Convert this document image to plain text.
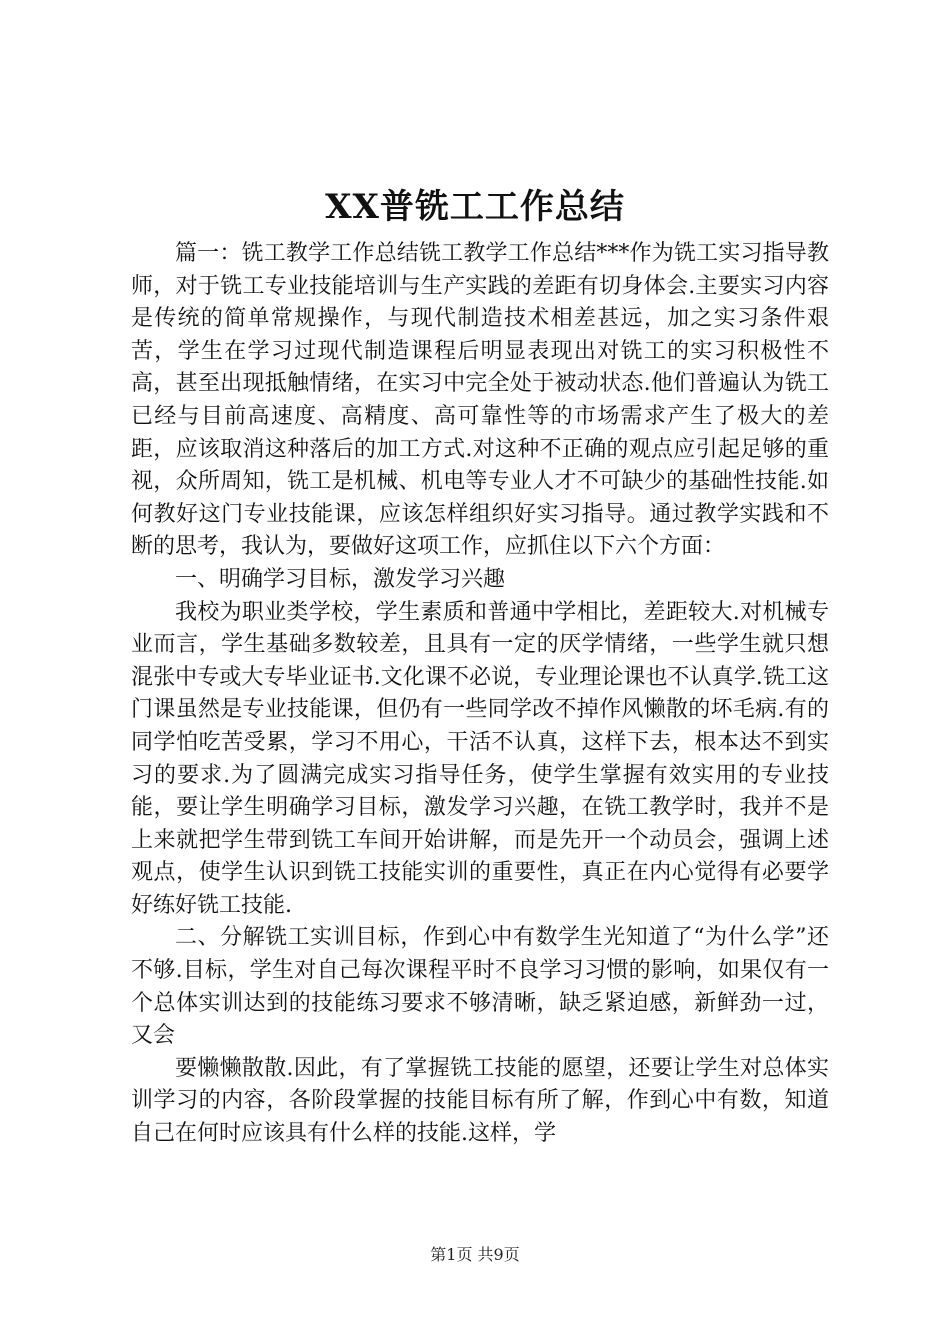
XX普铣工工作总结

篇一：铣工教学工作总结铣工教学工作总结***作为铣工实习指导教师，对于铣工专业技能培训与生产实践的差距有切身体会.主要实习内容是传统的简单常规操作，与现代制造技术相差甚远，加之实习条件艰苦，学生在学习过现代制造课程后明显表现出对铣工的实习积极性不高，甚至出现抵触情绪，在实习中完全处于被动状态.他们普遍认为铣工已经与目前高速度、高精度、高可靠性等的市场需求产生了极大的差距，应该取消这种落后的加工方式.对这种不正确的观点应引起足够的重视，众所周知，铣工是机械、机电等专业人才不可缺少的基础性技能.如何教好这门专业技能课，应该怎样组织好实习指导。通过教学实践和不断的思考，我认为，要做好这项工作，应抓住以下六个方面：

一、明确学习目标，激发学习兴趣

我校为职业类学校，学生素质和普通中学相比，差距较大.对机械专业而言，学生基础多数较差，且具有一定的厌学情绪，一些学生就只想混张中专或大专毕业证书.文化课不必说，专业理论课也不认真学.铣工这门课虽然是专业技能课，但仍有一些同学改不掉作风懒散的坏毛病.有的同学怕吃苦受累，学习不用心，干活不认真，这样下去，根本达不到实习的要求.为了圆满完成实习指导任务，使学生掌握有效实用的专业技能，要让学生明确学习目标，激发学习兴趣，在铣工教学时，我并不是上来就把学生带到铣工车间开始讲解，而是先开一个动员会，强调上述观点，使学生认识到铣工技能实训的重要性，真正在内心觉得有必要学好练好铣工技能.

二、分解铣工实训目标，作到心中有数学生光知道了“为什么学”还不够.目标，学生对自己每次课程平时不良学习习惯的影响，如果仅有一个总体实训达到的技能练习要求不够清晰，缺乏紧迫感，新鲜劲一过，又会

要懒懒散散.因此，有了掌握铣工技能的愿望，还要让学生对总体实训学习的内容，各阶段掌握的技能目标有所了解，作到心中有数，知道自己在何时应该具有什么样的技能.这样，学

第1页 共9页
